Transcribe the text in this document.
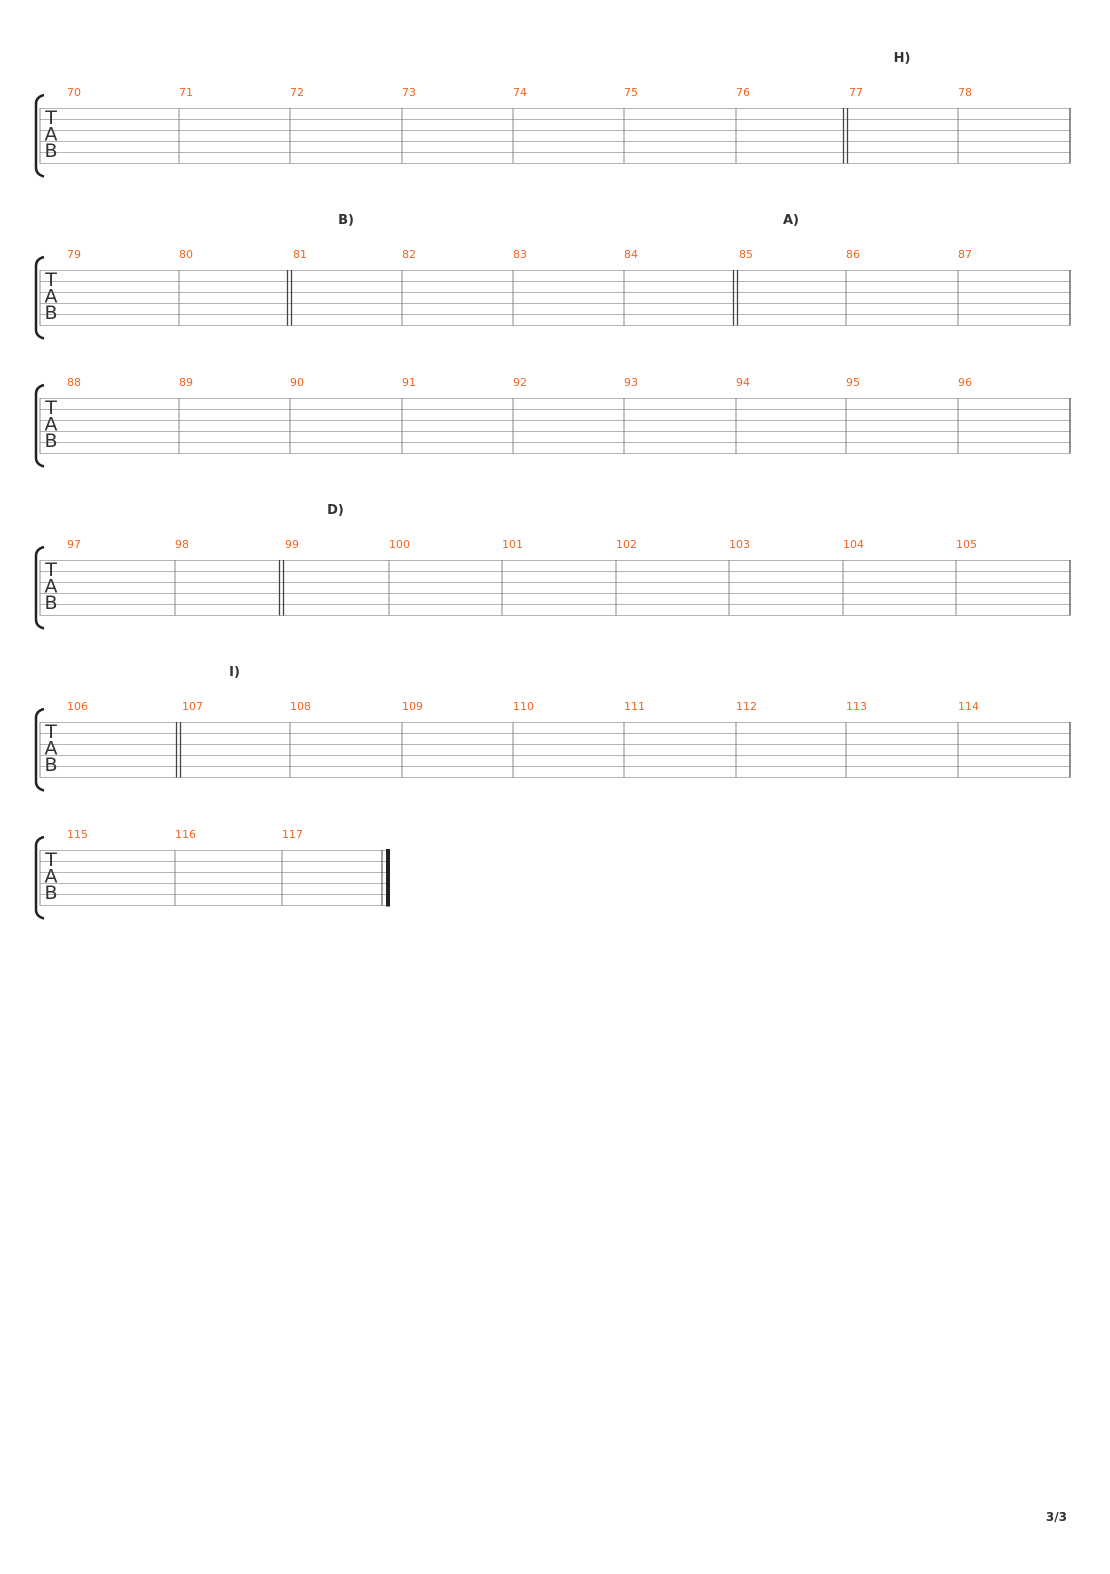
T
A
B
70	71	72	73	74	75	76	77	78
H)
T
A
B
79	80	81	82	83	84	85	86	87
B)	A)
T
A
B
88	89	90	91	92	93	94	95	96
T
A
B
97	98	99	100	101	102	103	104	105
D)
T
A
B
106	107	108	109	110	111	112	113	114
I)
T
A
B
115	116	117
3/3
